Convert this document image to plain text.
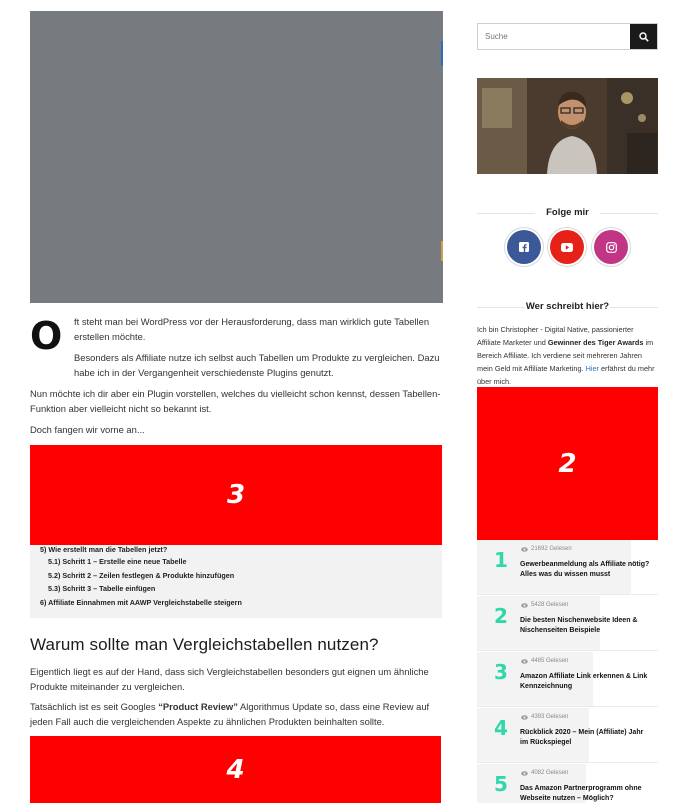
O	ft steht man bei WordPress vor der Herausforderung, dass man wirklich gute Tabellen erstellen möchte.

Besonders als Affiliate nutze ich selbst auch Tabellen um Produkte zu vergleichen. Dazu habe ich in der Vergangenheit verschiedenste Plugins genutzt.

Nun möchte ich dir aber ein Plugin vorstellen, welches du vielleicht schon kennst, dessen Tabellen-Funktion aber vielleicht nicht so bekannt ist.

Doch fangen wir vorne an...

3
5) Wie erstellt man die Tabellen jetzt?
5.1) Schritt 1 – Erstelle eine neue Tabelle
5.2) Schritt 2 – Zeilen festlegen & Produkte hinzufügen
5.3) Schritt 3 – Tabelle einfügen
6) Affiliate Einnahmen mit AAWP Vergleichstabelle steigern
Warum sollte man Vergleichstabellen nutzen?

Eigentlich liegt es auf der Hand, dass sich Vergleichstabellen besonders gut eignen um ähnliche Produkte miteinander zu vergleichen.

Tatsächlich ist es seit Googles “Product Review” Algorithmus Update so, dass eine Review auf jeden Fall auch die vergleichenden Aspekte zu ähnlichen Produkten beinhalten sollte.

4
Suche
Folge mir
Wer schreibt hier?
Ich bin Christopher - Digital Native, passionierter Affiliate Marketer und Gewinner des Tiger Awards im Bereich Affiliate. Ich verdiene seit mehreren Jahren mein Geld mit Affiliate Marketing. Hier erfährst du mehr über mich.
2
1	21692 Gelesen
Gewerbeanmeldung als Affiliate nötig? Alles was du wissen musst
2	5428 Gelesen
Die besten Nischenwebsite Ideen & Nischenseiten Beispiele
3	4485 Gelesen
Amazon Affiliate Link erkennen & Link Kennzeichnung
4	4393 Gelesen
Rückblick 2020 – Mein (Affiliate) Jahr im Rückspiegel
5	4082 Gelesen
Das Amazon Partnerprogramm ohne Webseite nutzen – Möglich?
